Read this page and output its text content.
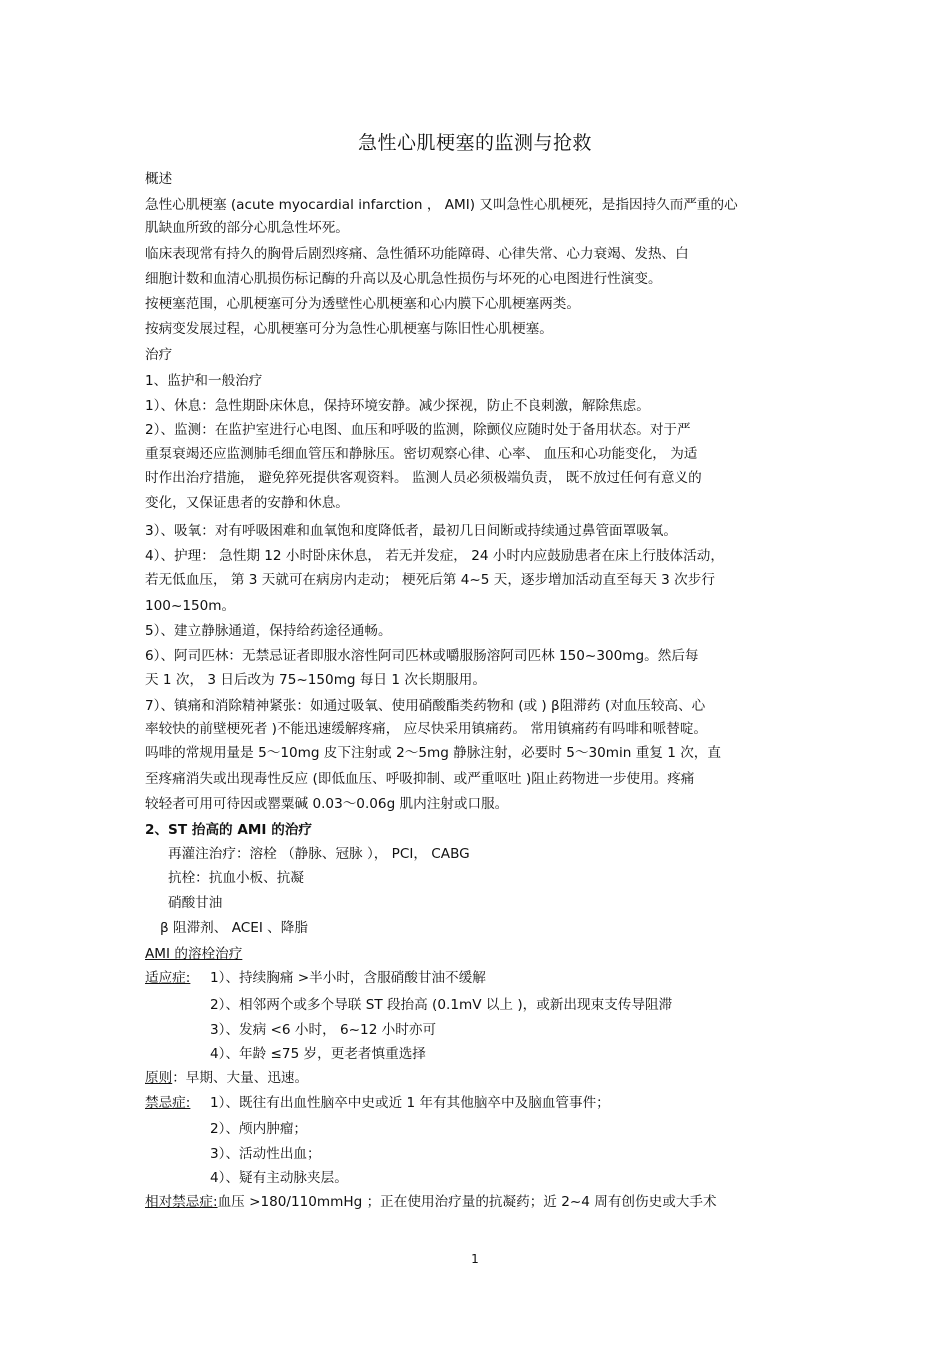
急性心肌梗塞的监测与抢救
概述
急性心肌梗塞 (acute myocardial infarction ， AMI) 又叫急性心肌梗死，是指因持久而严重的心
肌缺血所致的部分心肌急性坏死。
临床表现常有持久的胸骨后剧烈疼痛、急性循环功能障碍、心律失常、心力衰竭、发热、白
细胞计数和血清心肌损伤标记酶的升高以及心肌急性损伤与坏死的心电图进行性演变。
按梗塞范围，心肌梗塞可分为透壁性心肌梗塞和心内膜下心肌梗塞两类。
按病变发展过程，心肌梗塞可分为急性心肌梗塞与陈旧性心肌梗塞。
治疗
1、监护和一般治疗
1）、休息：急性期卧床休息，保持环境安静。减少探视，防止不良刺激，解除焦虑。
2）、监测：在监护室进行心电图、血压和呼吸的监测，除颤仪应随时处于备用状态。对于严
重泵衰竭还应监测肺毛细血管压和静脉压。密切观察心律、心率、 血压和心功能变化， 为适
时作出治疗措施， 避免猝死提供客观资料。 监测人员必须极端负责， 既不放过任何有意义的
变化，又保证患者的安静和休息。
3）、吸氧：对有呼吸困难和血氧饱和度降低者，最初几日间断或持续通过鼻管面罩吸氧。
4）、护理： 急性期 12 小时卧床休息， 若无并发症， 24 小时内应鼓励患者在床上行肢体活动，
若无低血压， 第 3 天就可在病房内走动； 梗死后第 4~5 天，逐步增加活动直至每天 3 次步行
100~150m。
5）、建立静脉通道，保持给药途径通畅。
6）、阿司匹林：无禁忌证者即服水溶性阿司匹林或嚼服肠溶阿司匹林 150~300mg。然后每
天 1 次， 3 日后改为 75~150mg 每日 1 次长期服用。
7）、镇痛和消除精神紧张：如通过吸氧、使用硝酸酯类药物和 (或 ) β阻滞药 (对血压较高、心
率较快的前壁梗死者 )不能迅速缓解疼痛， 应尽快采用镇痛药。 常用镇痛药有吗啡和哌替啶。
吗啡的常规用量是 5～10mg 皮下注射或 2～5mg 静脉注射，必要时 5～30min 重复 1 次，直
至疼痛消失或出现毒性反应 (即低血压、呼吸抑制、或严重呕吐 )阻止药物进一步使用。疼痛
较轻者可用可待因或罂粟碱 0.03～0.06g 肌内注射或口服。
2、ST 抬高的 AMI 的治疗
再灌注治疗：溶栓 （静脉、冠脉 ）， PCI， CABG
抗栓：抗血小板、抗凝
硝酸甘油
β 阻滞剂、 ACEI 、降脂
AMI 的溶栓治疗
适应症: 1）、持续胸痛 >半小时，含服硝酸甘油不缓解
2）、相邻两个或多个导联 ST 段抬高 (0.1mV 以上 )，或新出现束支传导阻滞
3）、发病 <6 小时， 6~12 小时亦可
4）、年龄 ≤75 岁，更老者慎重选择
原则：早期、大量、迅速。
禁忌症: 1）、既往有出血性脑卒中史或近 1 年有其他脑卒中及脑血管事件；
2）、颅内肿瘤；
3）、活动性出血；
4）、疑有主动脉夹层。
相对禁忌症:血压 >180/110mmHg ；正在使用治疗量的抗凝药；近 2~4 周有创伤史或大手术
1
